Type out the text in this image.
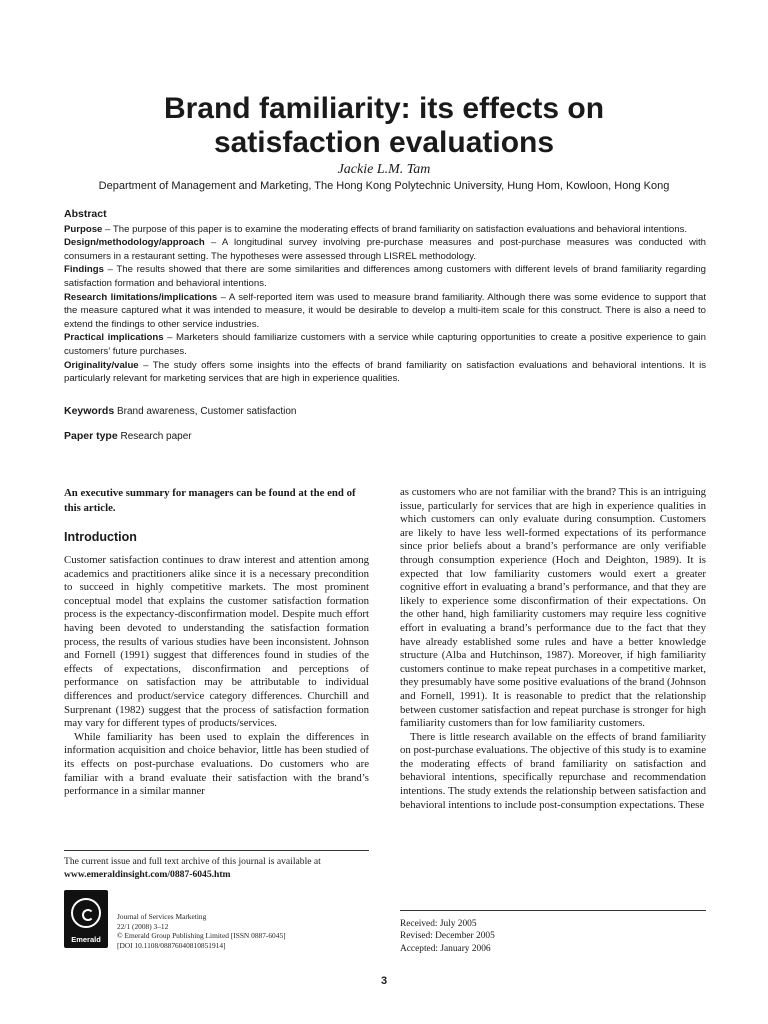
Brand familiarity: its effects on
satisfaction evaluations
Jackie L.M. Tam
Department of Management and Marketing, The Hong Kong Polytechnic University, Hung Hom, Kowloon, Hong Kong
Abstract

Purpose – The purpose of this paper is to examine the moderating effects of brand familiarity on satisfaction evaluations and behavioral intentions.

Design/methodology/approach – A longitudinal survey involving pre-purchase measures and post-purchase measures was conducted with consumers in a restaurant setting. The hypotheses were assessed through LISREL methodology.

Findings – The results showed that there are some similarities and differences among customers with different levels of brand familiarity regarding satisfaction formation and behavioral intentions.

Research limitations/implications – A self-reported item was used to measure brand familiarity. Although there was some evidence to support that the measure captured what it was intended to measure, it would be desirable to develop a multi-item scale for this construct. There is also a need to extend the findings to other service industries.

Practical implications – Marketers should familiarize customers with a service while capturing opportunities to create a positive experience to gain customers’ future purchases.

Originality/value – The study offers some insights into the effects of brand familiarity on satisfaction evaluations and behavioral intentions. It is particularly relevant for marketing services that are high in experience qualities.

Keywords Brand awareness, Customer satisfaction
Paper type Research paper
An executive summary for managers can be found at the end of this article.
Introduction

Customer satisfaction continues to draw interest and attention among academics and practitioners alike since it is a necessary precondition to succeed in highly competitive markets. The most prominent conceptual model that explains the customer satisfaction formation process is the expectancy-disconfirmation model. Despite much effort having been devoted to understanding the satisfaction formation process, the results of various studies have been inconsistent. Johnson and Fornell (1991) suggest that differences found in studies of the effects of expectations, disconfirmation and perceptions of performance on satisfaction may be attributable to individual differences and product/service category differences. Churchill and Surprenant (1982) suggest that the process of satisfaction formation may vary for different types of products/services.

While familiarity has been used to explain the differences in information acquisition and choice behavior, little has been studied of its effects on post-purchase evaluations. Do customers who are familiar with a brand evaluate their satisfaction with the brand’s performance in a similar manner

as customers who are not familiar with the brand? This is an intriguing issue, particularly for services that are high in experience qualities in which customers can only evaluate during consumption. Customers are likely to have less well-formed expectations of its performance since prior beliefs about a brand’s performance are only verifiable through consumption experience (Hoch and Deighton, 1989). It is expected that low familiarity customers would exert a greater cognitive effort in evaluating a brand’s performance, and that they are likely to experience some disconfirmation of their expectations. On the other hand, high familiarity customers may require less cognitive effort in evaluating a brand’s performance due to the fact that they have already established some rules and have a better knowledge structure (Alba and Hutchinson, 1987). Moreover, if high familiarity customers continue to make repeat purchases in a competitive market, they presumably have some positive evaluations of the brand (Johnson and Fornell, 1991). It is reasonable to predict that the relationship between customer satisfaction and repeat purchase is stronger for high familiarity customers than for low familiarity customers.

There is little research available on the effects of brand familiarity on post-purchase evaluations. The objective of this study is to examine the moderating effects of brand familiarity on satisfaction and behavioral intentions, specifically repurchase and recommendation intentions. The study extends the relationship between satisfaction and behavioral intentions to include post-consumption expectations. These

The current issue and full text archive of this journal is available at
www.emeraldinsight.com/0887-6045.htm
Emerald
Journal of Services Marketing
22/1 (2008) 3–12
© Emerald Group Publishing Limited [ISSN 0887-6045]
[DOI 10.1108/08876040810851914]
Received: July 2005
Revised: December 2005
Accepted: January 2006
3
